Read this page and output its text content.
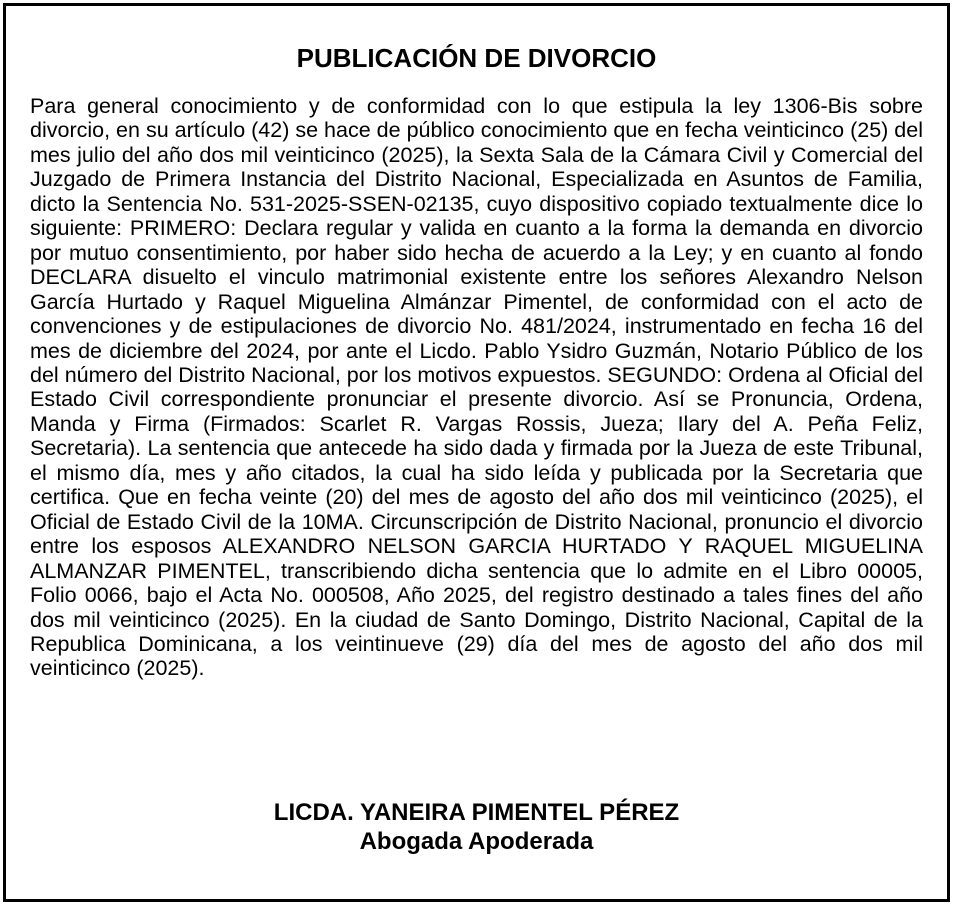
PUBLICACIÓN DE DIVORCIO

Para general conocimiento y de conformidad con lo que estipula la ley 1306-Bis sobre divorcio, en su artículo (42) se hace de público conocimiento que en fecha veinticinco (25) del mes julio del año dos mil veinticinco (2025), la Sexta Sala de la Cámara Civil y Comercial del Juzgado de Primera Instancia del Distrito Nacional, Especializada en Asuntos de Familia, dicto la Sentencia No. 531-2025-SSEN-02135, cuyo dispositivo copiado textualmente dice lo siguiente: PRIMERO: Declara regular y valida en cuanto a la forma la demanda en divorcio por mutuo consentimiento, por haber sido hecha de acuerdo a la Ley; y en cuanto al fondo DECLARA disuelto el vinculo matrimonial existente entre los señores Alexandro Nelson García Hurtado y Raquel Miguelina Almánzar Pimentel, de conformidad con el acto de convenciones y de estipulaciones de divorcio No. 481/2024, instrumentado en fecha 16 del mes de diciembre del 2024, por ante el Licdo. Pablo Ysidro Guzmán, Notario Público de los del número del Distrito Nacional, por los motivos expuestos. SEGUNDO: Ordena al Oficial del Estado Civil correspondiente pronunciar el presente divorcio. Así se Pronuncia, Ordena, Manda y Firma (Firmados: Scarlet R. Vargas Rossis, Jueza; Ilary del A. Peña Feliz, Secretaria). La sentencia que antecede ha sido dada y firmada por la Jueza de este Tribunal, el mismo día, mes y año citados, la cual ha sido leída y publicada por la Secretaria que certifica. Que en fecha veinte (20) del mes de agosto del año dos mil veinticinco (2025), el Oficial de Estado Civil de la 10MA. Circunscripción de Distrito Nacional, pronuncio el divorcio entre los esposos ALEXANDRO NELSON GARCIA HURTADO Y RAQUEL MIGUELINA ALMANZAR PIMENTEL, transcribiendo dicha sentencia que lo admite en el Libro 00005, Folio 0066, bajo el Acta No. 000508, Año 2025, del registro destinado a tales fines del año dos mil veinticinco (2025). En la ciudad de Santo Domingo, Distrito Nacional, Capital de la Republica Dominicana, a los veintinueve (29) día del mes de agosto del año dos mil veinticinco (2025).

LICDA. YANEIRA PIMENTEL PÉREZ
Abogada Apoderada
